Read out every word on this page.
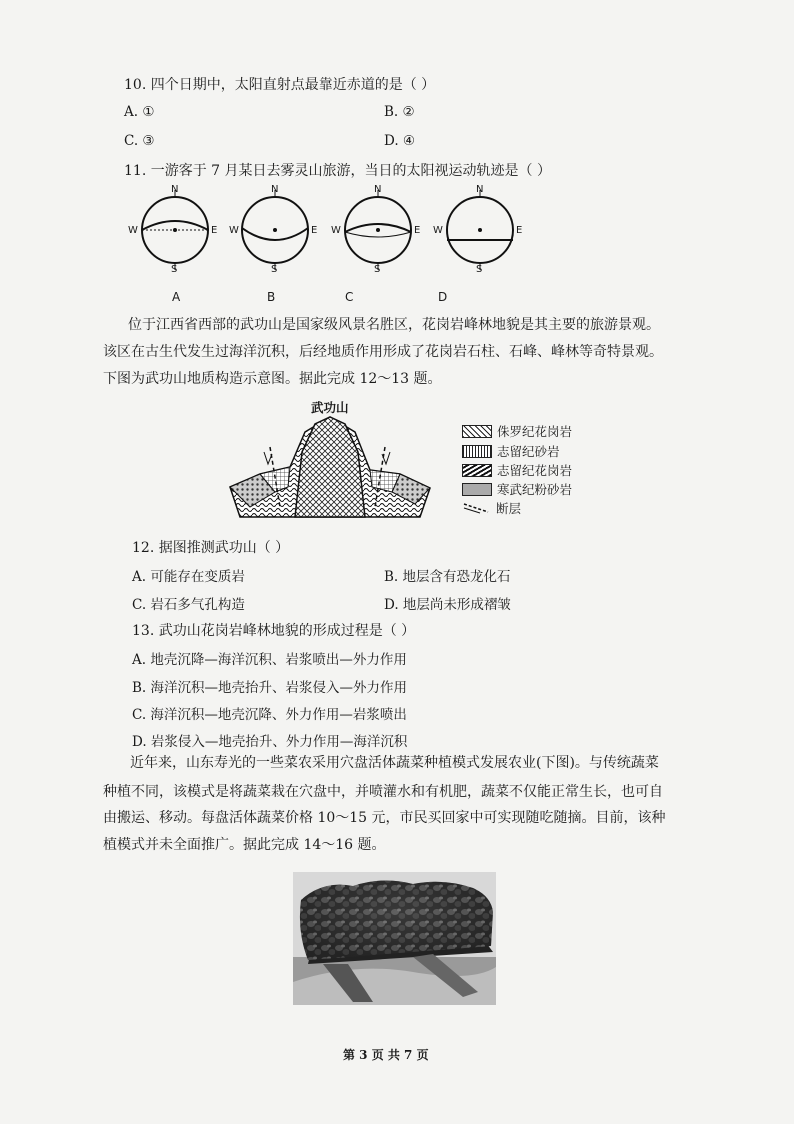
10. 四个日期中，太阳直射点最靠近赤道的是（ ）
A. ①	B. ②
C. ③	D. ④
11. 一游客于 7 月某日去雾灵山旅游，当日的太阳视运动轨迹是（ ）
N
S
W	E
N
S
W	E
N
S
W	E
N
S
W	E
A	B	C	D
位于江西省西部的武功山是国家级风景名胜区，花岗岩峰林地貌是其主要的旅游景观。
该区在古生代发生过海洋沉积，后经地质作用形成了花岗岩石柱、石峰、峰林等奇特景观。
下图为武功山地质构造示意图。据此完成 12～13 题。
武功山
侏罗纪花岗岩
志留纪砂岩
志留纪花岗岩
寒武纪粉砂岩
断层
12. 据图推测武功山（ ）
A. 可能存在变质岩	B. 地层含有恐龙化石
C. 岩石多气孔构造	D. 地层尚未形成褶皱
13. 武功山花岗岩峰林地貌的形成过程是（ ）
A. 地壳沉降—海洋沉积、岩浆喷出—外力作用
B. 海洋沉积—地壳抬升、岩浆侵入—外力作用
C. 海洋沉积—地壳沉降、外力作用—岩浆喷出
D. 岩浆侵入—地壳抬升、外力作用—海洋沉积
近年来，山东寿光的一些菜农采用穴盘活体蔬菜种植模式发展农业(下图)。与传统蔬菜
种植不同，该模式是将蔬菜栽在穴盘中，并喷灌水和有机肥，蔬菜不仅能正常生长，也可自
由搬运、移动。每盘活体蔬菜价格 10～15 元，市民买回家中可实现随吃随摘。目前，该种
植模式并未全面推广。据此完成 14～16 题。
第 3 页 共 7 页
